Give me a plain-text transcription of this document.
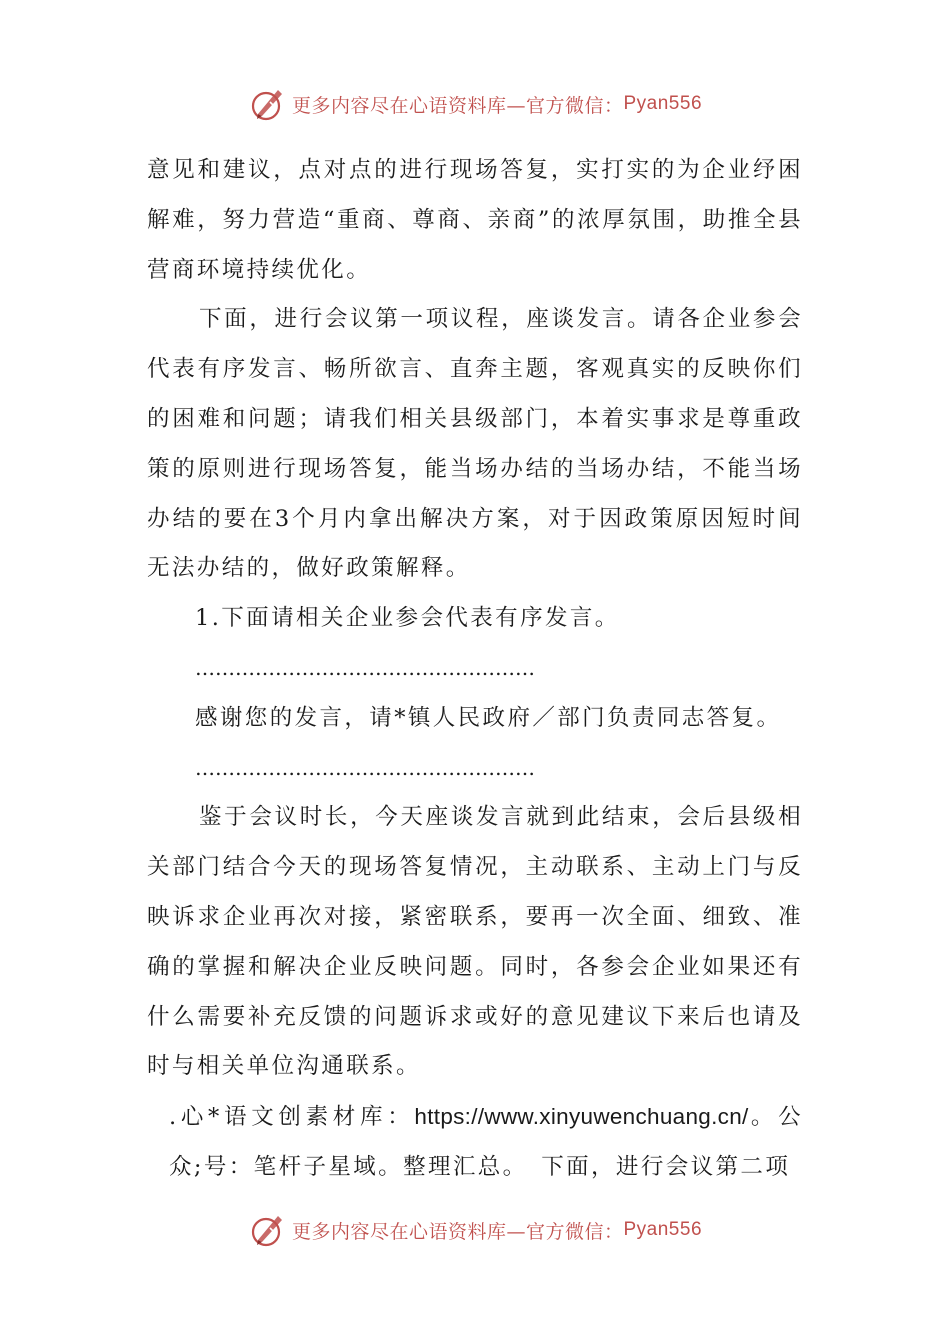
更多内容尽在心语资料库—官方微信： Pyan556

意见和建议，点对点的进行现场答复，实打实的为企业纾困解难，努力营造“重商、尊商、亲商”的浓厚氛围，助推全县营商环境持续优化。

下面，进行会议第一项议程，座谈发言。请各企业参会代表有序发言、畅所欲言、直奔主题，客观真实的反映你们的困难和问题；请我们相关县级部门，本着实事求是尊重政策的原则进行现场答复，能当场办结的当场办结，不能当场办结的要在3个月内拿出解决方案，对于因政策原因短时间无法办结的，做好政策解释。

1.下面请相关企业参会代表有序发言。

……………………………………………

感谢您的发言，请*镇人民政府／部门负责同志答复。

……………………………………………

鉴于会议时长，今天座谈发言就到此结束，会后县级相关部门结合今天的现场答复情况，主动联系、主动上门与反映诉求企业再次对接，紧密联系，要再一次全面、细致、准确的掌握和解决企业反映问题。同时，各参会企业如果还有什么需要补充反馈的问题诉求或好的意见建议下来后也请及时与相关单位沟通联系。

.心*语文创素材库：https://www.xinyuwenchuang.cn/。公众;号：笔杆子星域。整理汇总。　下面，进行会议第二项

更多内容尽在心语资料库—官方微信： Pyan556
